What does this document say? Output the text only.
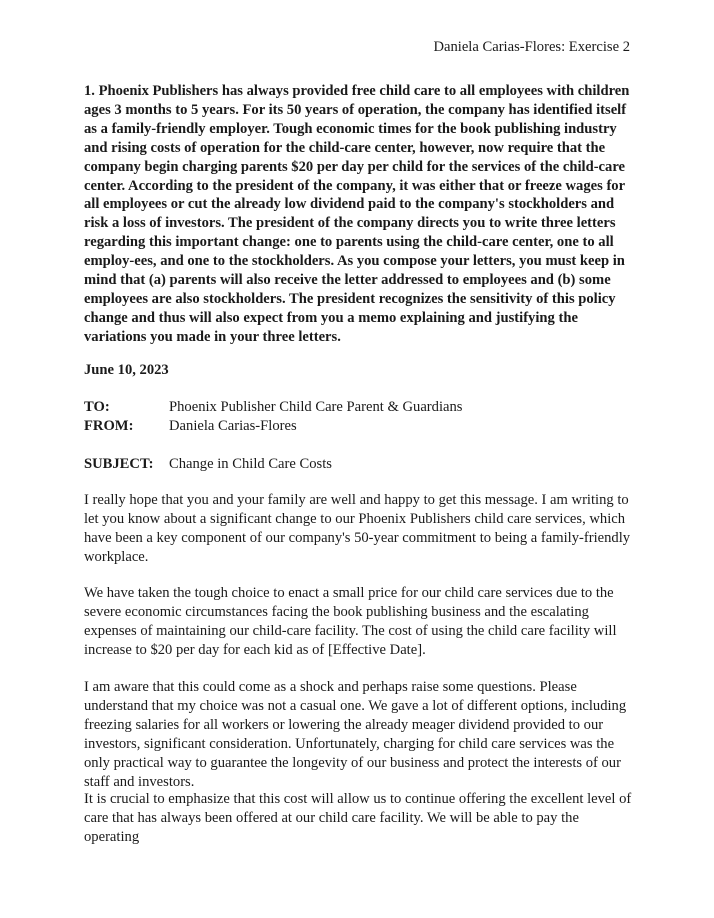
Daniela Carias-Flores: Exercise 2
1. Phoenix Publishers has always provided free child care to all employees with children ages 3 months to 5 years. For its 50 years of operation, the company has identified itself as a family-friendly employer. Tough economic times for the book publishing industry and rising costs of operation for the child-care center, however, now require that the company begin charging parents $20 per day per child for the services of the child-care center. According to the president of the company, it was either that or freeze wages for all employees or cut the already low dividend paid to the company's stockholders and risk a loss of investors. The president of the company directs you to write three letters regarding this important change: one to parents using the child-care center, one to all employ-ees, and one to the stockholders. As you compose your letters, you must keep in mind that (a) parents will also receive the letter addressed to employees and (b) some employees are also stockholders. The president recognizes the sensitivity of this policy change and thus will also expect from you a memo explaining and justifying the variations you made in your three letters.
June 10, 2023
TO:	Phoenix Publisher Child Care Parent & Guardians
FROM: Daniela Carias-Flores
SUBJECT: Change in Child Care Costs
I really hope that you and your family are well and happy to get this message. I am writing to let you know about a significant change to our Phoenix Publishers child care services, which have been a key component of our company's 50-year commitment to being a family-friendly workplace.
We have taken the tough choice to enact a small price for our child care services due to the severe economic circumstances facing the book publishing business and the escalating expenses of maintaining our child-care facility. The cost of using the child care facility will increase to $20 per day for each kid as of [Effective Date].
I am aware that this could come as a shock and perhaps raise some questions. Please understand that my choice was not a casual one. We gave a lot of different options, including freezing salaries for all workers or lowering the already meager dividend provided to our investors, significant consideration. Unfortunately, charging for child care services was the only practical way to guarantee the longevity of our business and protect the interests of our staff and investors.
It is crucial to emphasize that this cost will allow us to continue offering the excellent level of care that has always been offered at our child care facility. We will be able to pay the operating
